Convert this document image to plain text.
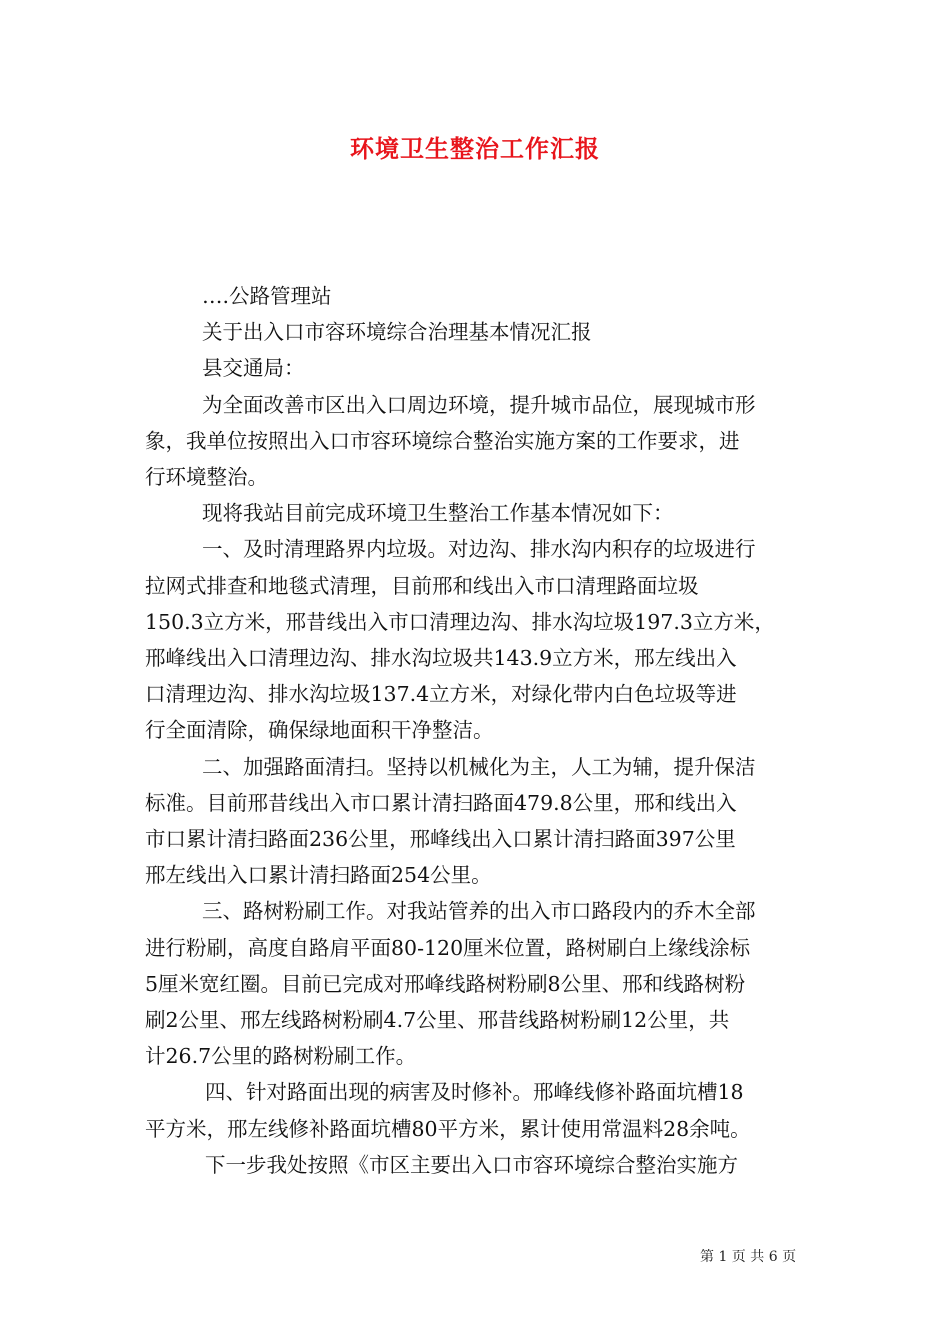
环境卫生整治工作汇报

….公路管理站

关于出入口市容环境综合治理基本情况汇报

县交通局：

为全面改善市区出入口周边环境，提升城市品位，展现城市形

象，我单位按照出入口市容环境综合整治实施方案的工作要求，进

行环境整治。

现将我站目前完成环境卫生整治工作基本情况如下：

一、及时清理路界内垃圾。对边沟、排水沟内积存的垃圾进行

拉网式排查和地毯式清理，目前邢和线出入市口清理路面垃圾

150.3立方米，邢昔线出入市口清理边沟、排水沟垃圾197.3立方米，

邢峰线出入口清理边沟、排水沟垃圾共143.9立方米，邢左线出入

口清理边沟、排水沟垃圾137.4立方米，对绿化带内白色垃圾等进

行全面清除，确保绿地面积干净整洁。

二、加强路面清扫。坚持以机械化为主，人工为辅，提升保洁

标准。目前邢昔线出入市口累计清扫路面479.8公里，邢和线出入

市口累计清扫路面236公里，邢峰线出入口累计清扫路面397公里

邢左线出入口累计清扫路面254公里。

三、路树粉刷工作。对我站管养的出入市口路段内的乔木全部

进行粉刷，高度自路肩平面80-120厘米位置，路树刷白上缘线涂标

5厘米宽红圈。目前已完成对邢峰线路树粉刷8公里、邢和线路树粉

刷2公里、邢左线路树粉刷4.7公里、邢昔线路树粉刷12公里，共

计26.7公里的路树粉刷工作。

四、针对路面出现的病害及时修补。邢峰线修补路面坑槽18

平方米，邢左线修补路面坑槽80平方米，累计使用常温料28余吨。

下一步我处按照《市区主要出入口市容环境综合整治实施方

第 1 页 共 6 页
